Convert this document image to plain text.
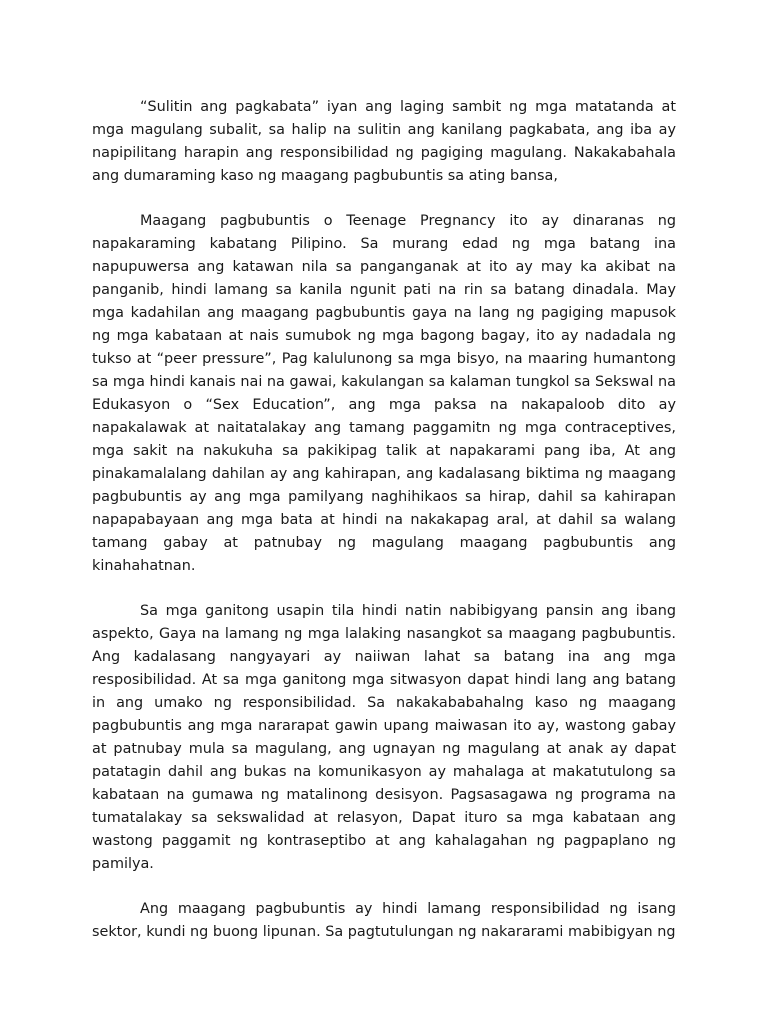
“Sulitin ang pagkabata” iyan ang laging sambit ng mga matatanda at mga magulang subalit, sa halip na sulitin ang kanilang pagkabata, ang iba ay napipilitang harapin ang responsibilidad ng pagiging magulang. Nakakabahala ang dumaraming kaso ng maagang pagbubuntis sa ating bansa,

Maagang pagbubuntis o Teenage Pregnancy ito ay dinaranas ng napakaraming kabatang Pilipino. Sa murang edad ng mga batang ina napupuwersa ang katawan nila sa panganganak at ito ay may ka akibat na panganib, hindi lamang sa kanila ngunit pati na rin sa batang dinadala. May mga kadahilan ang maagang pagbubuntis gaya na lang ng pagiging mapusok ng mga kabataan at nais sumubok ng mga bagong bagay, ito ay nadadala ng tukso at “peer pressure”, Pag kalulunong sa mga bisyo, na maaring humantong sa mga hindi kanais nai na gawai, kakulangan sa kalaman tungkol sa Sekswal na Edukasyon o “Sex Education”, ang mga paksa na nakapaloob dito ay napakalawak at naitatalakay ang tamang paggamitn ng mga contraceptives, mga sakit na nakukuha sa pakikipag talik at napakarami pang iba, At ang pinakamalalang dahilan ay ang kahirapan, ang kadalasang biktima ng maagang pagbubuntis ay ang mga pamilyang naghihikaos sa hirap, dahil sa kahirapan napapabayaan ang mga bata at hindi na nakakapag aral, at dahil sa walang tamang gabay at patnubay ng magulang maagang pagbubuntis ang kinahahatnan.

Sa mga ganitong usapin tila hindi natin nabibigyang pansin ang ibang aspekto, Gaya na lamang ng mga lalaking nasangkot sa maagang pagbubuntis. Ang kadalasang nangyayari ay naiiwan lahat sa batang ina ang mga resposibilidad. At sa mga ganitong mga sitwasyon dapat hindi lang ang batang in ang umako ng responsibilidad. Sa nakakababahalng kaso ng maagang pagbubuntis ang mga nararapat gawin upang maiwasan ito ay, wastong gabay at patnubay mula sa magulang, ang ugnayan ng magulang at anak ay dapat patatagin dahil ang bukas na komunikasyon ay mahalaga at makatutulong sa kabataan na gumawa ng matalinong desisyon. Pagsasagawa ng programa na tumatalakay sa sekswalidad at relasyon, Dapat ituro sa mga kabataan ang wastong paggamit ng kontraseptibo at ang kahalagahan ng pagpaplano ng pamilya.

Ang maagang pagbubuntis ay hindi lamang responsibilidad ng isang sektor, kundi ng buong lipunan. Sa pagtutulungan ng nakararami mabibigyan ng
